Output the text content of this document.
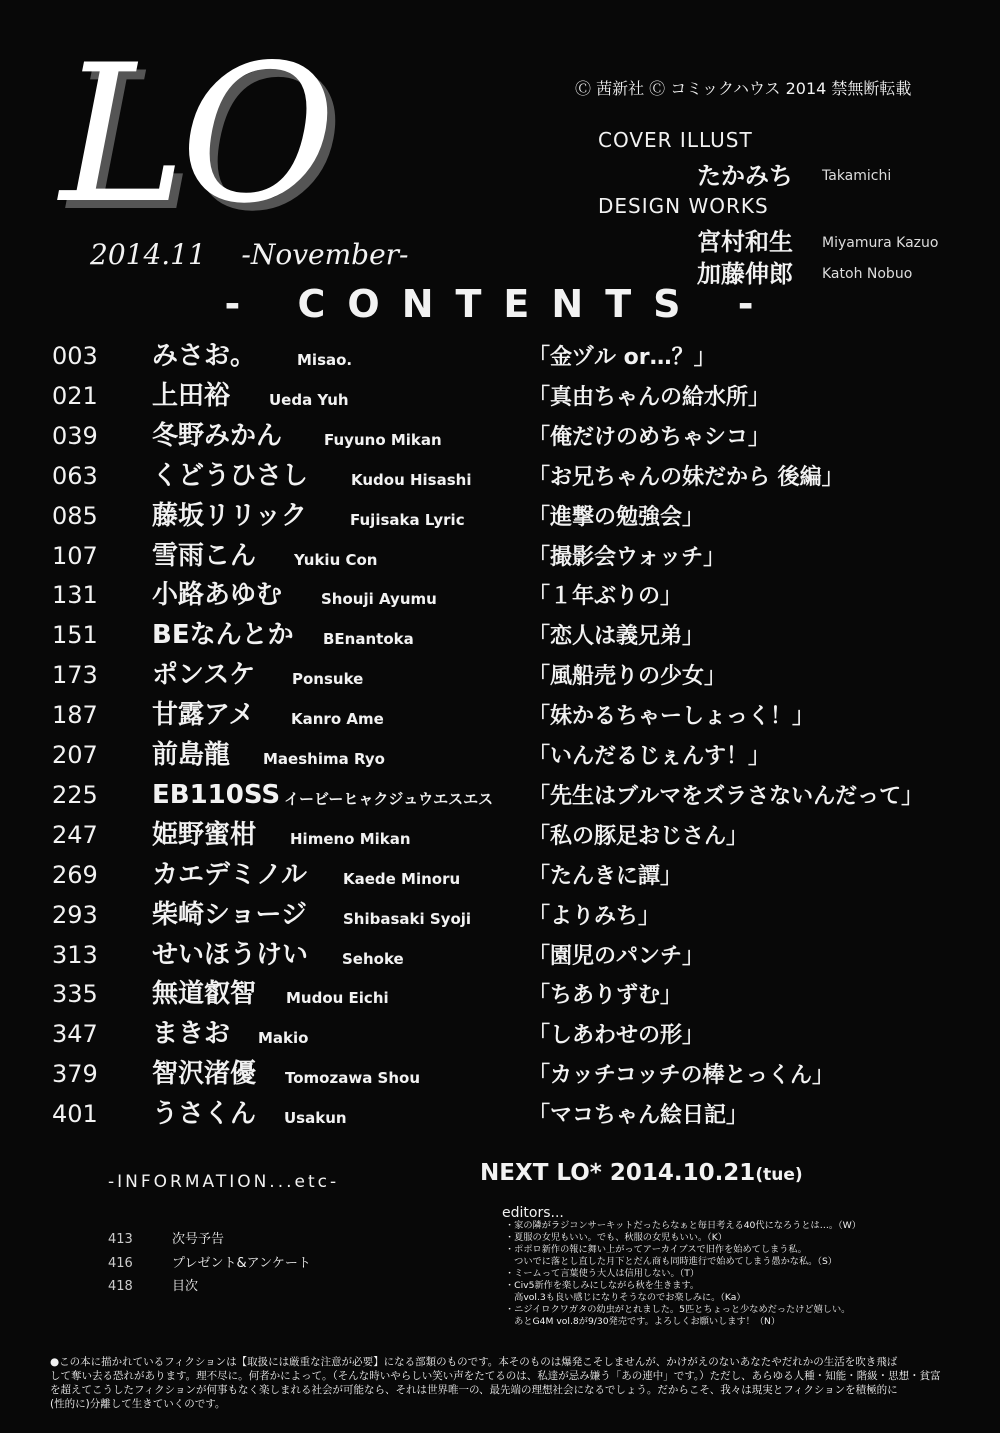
LO
2014.11    -November-
Ⓒ 茜新社 Ⓒ コミックハウス 2014 禁無断転載
COVER ILLUST
たかみち Takamichi
DESIGN WORKS
宮村和生 Miyamura Kazuo
加藤伸郎 Katoh Nobuo
- CONTENTS -
003 みさお。	Misao.	「金ヅル or…？」
021 上田裕	Ueda Yuh	「真由ちゃんの給水所」
039 冬野みかん	Fuyuno Mikan	「俺だけのめちゃシコ」
063 くどうひさし	Kudou Hisashi	「お兄ちゃんの妹だから 後編」
085 藤坂リリック	Fujisaka Lyric	「進撃の勉強会」
107 雪雨こん	Yukiu Con	「撮影会ウォッチ」
131 小路あゆむ	Shouji Ayumu	「１年ぶりの」
151 BEなんとか BEnantoka	「恋人は義兄弟」
173 ポンスケ Ponsuke	「風船売りの少女」
187 甘露アメ Kanro Ame	「妹かるちゃーしょっく！」
207 前島龍 Maeshima Ryo	「いんだるじぇんす！」
225 EB110SS イービーヒャクジュウエスエス 「先生はブルマをズラさないんだって」
247 姫野蜜柑 Himeno Mikan	「私の豚足おじさん」
269 カエデミノル Kaede Minoru	「たんきに譚」
293 柴崎ショージ Shibasaki Syoji	「よりみち」
313 せいほうけい Sehoke	「園児のパンチ」
335 無道叡智 Mudou Eichi	「ちありずむ」
347 まきお Makio	「しあわせの形」
379 智沢渚優 Tomozawa Shou	「カッチコッチの棒とっくん」
401 うさくん Usakun	「マコちゃん絵日記」
-INFORMATION...etc-
413	次号予告
416	プレゼント&アンケート
418	目次
NEXT LO* 2014.10.21(tue)
editors...
・家の隣がラジコンサーキットだったらなぁと毎日考える40代になろうとは…。（W）
・夏服の女児もいい。でも、秋服の女児もいい。（K）
・ポポロ新作の報に舞い上がってアーカイブスで旧作を始めてしまう私。
　ついでに落とし直した月下とだん商も同時進行で始めてしまう愚かな私。（S）
・ミームって言葉使う大人は信用しない。（T）
・Civ5新作を楽しみにしながら秋を生きます。
　高vol.3も良い感じになりそうなのでお楽しみに。（Ka）
・ニジイロクワガタの幼虫がとれました。5匹とちょっと少なめだったけど嬉しい。
　あとG4M vol.8が9/30発売です。よろしくお願いします！（N）
●この本に描かれているフィクションは【取扱には厳重な注意が必要】になる部類のものです。本そのものは爆発こそしませんが、かけがえのないあなたやだれかの生活を吹き飛ば
して奪い去る恐れがあります。理不尽に。何者かによって。（そんな時いやらしい笑い声をたてるのは、私達が忌み嫌う「あの連中」です。）ただし、あらゆる人種・知能・階級・思想・貧富
を超えてこうしたフィクションが何事もなく楽しまれる社会が可能なら、それは世界唯一の、最先端の理想社会になるでしょう。だからこそ、我々は現実とフィクションを積極的に
(性的に)分離して生きていくのです。
